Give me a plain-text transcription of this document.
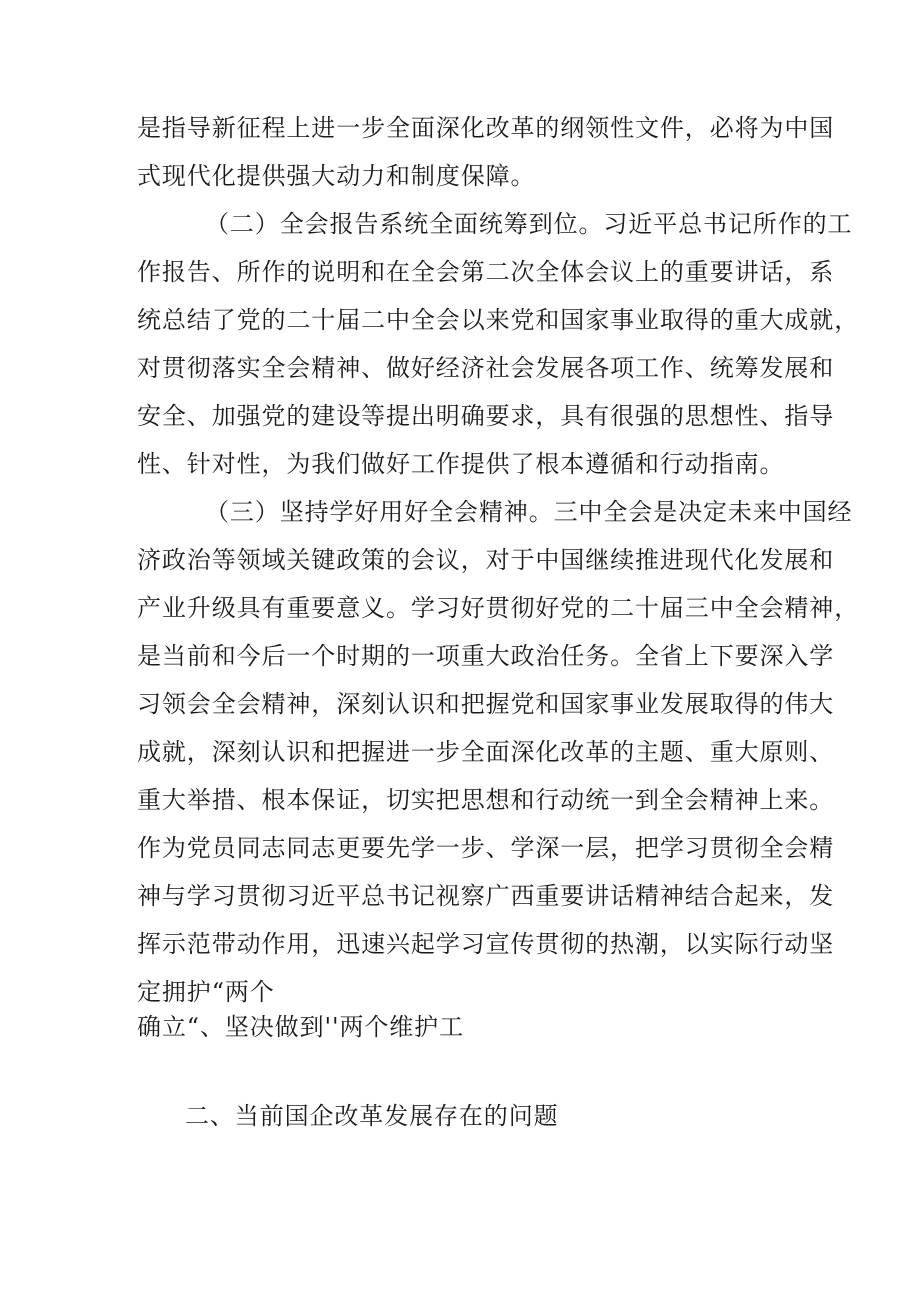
是指导新征程上进一步全面深化改革的纲领性文件，必将为中国
式现代化提供强大动力和制度保障。
（二）全会报告系统全面统筹到位。习近平总书记所作的工
作报告、所作的说明和在全会第二次全体会议上的重要讲话，系
统总结了党的二十届二中全会以来党和国家事业取得的重大成就，
对贯彻落实全会精神、做好经济社会发展各项工作、统筹发展和
安全、加强党的建设等提出明确要求，具有很强的思想性、指导
性、针对性，为我们做好工作提供了根本遵循和行动指南。
（三）坚持学好用好全会精神。三中全会是决定未来中国经
济政治等领域关键政策的会议，对于中国继续推进现代化发展和
产业升级具有重要意义。学习好贯彻好党的二十届三中全会精神，
是当前和今后一个时期的一项重大政治任务。全省上下要深入学
习领会全会精神，深刻认识和把握党和国家事业发展取得的伟大
成就，深刻认识和把握进一步全面深化改革的主题、重大原则、
重大举措、根本保证，切实把思想和行动统一到全会精神上来。
作为党员同志同志更要先学一步、学深一层，把学习贯彻全会精
神与学习贯彻习近平总书记视察广西重要讲话精神结合起来，发
挥示范带动作用，迅速兴起学习宣传贯彻的热潮，以实际行动坚
定拥护“两个
确立“、坚决做到''两个维护工
二、当前国企改革发展存在的问题
